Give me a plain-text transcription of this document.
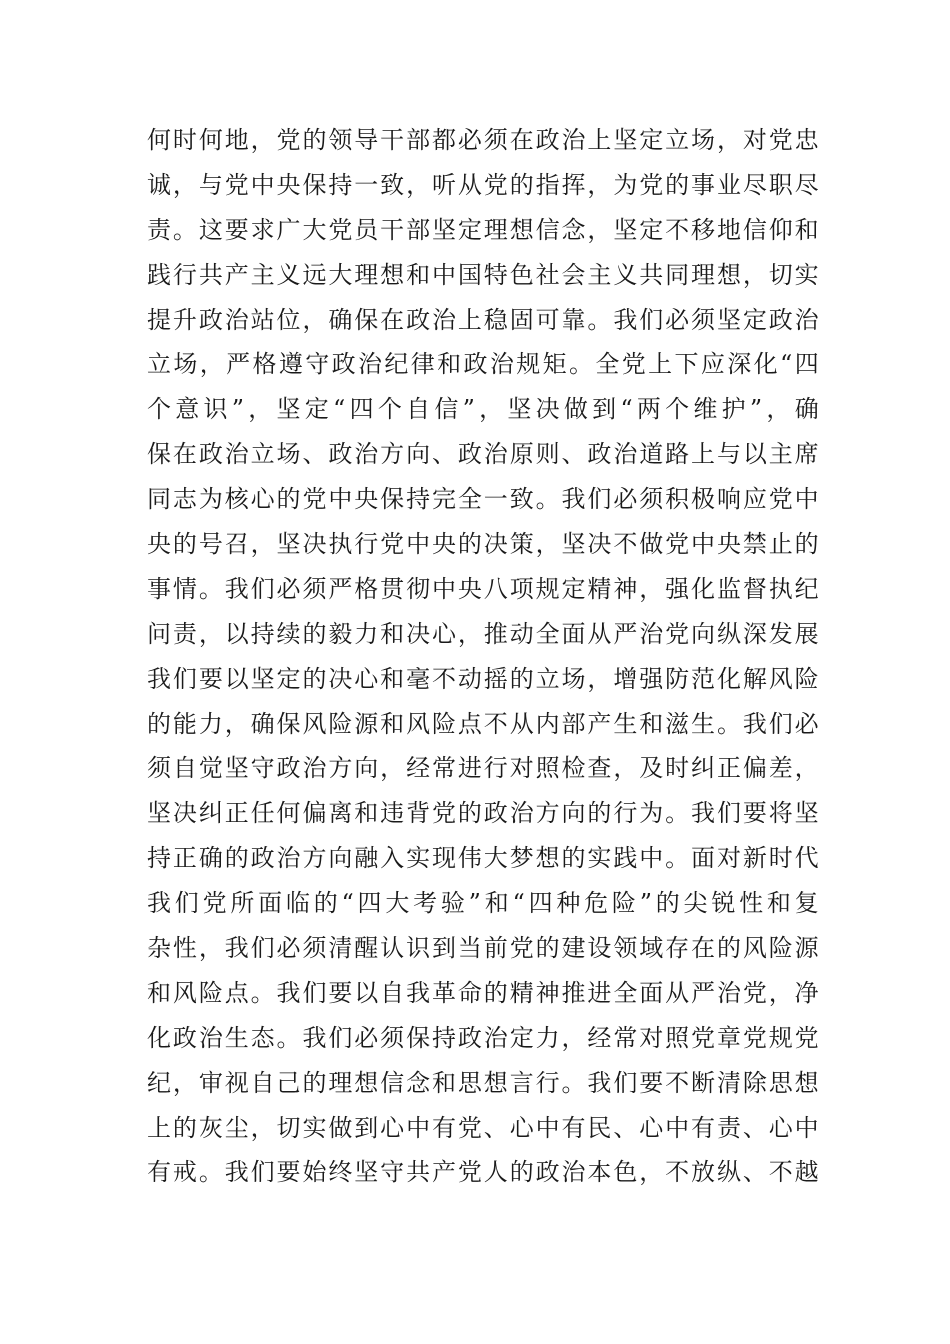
何时何地，党的领导干部都必须在政治上坚定立场，对党忠
诚，与党中央保持一致，听从党的指挥，为党的事业尽职尽
责。这要求广大党员干部坚定理想信念，坚定不移地信仰和
践行共产主义远大理想和中国特色社会主义共同理想，切实
提升政治站位，确保在政治上稳固可靠。我们必须坚定政治
立场，严格遵守政治纪律和政治规矩。全党上下应深化“四
个意识”，坚定“四个自信”，坚决做到“两个维护”，确
保在政治立场、政治方向、政治原则、政治道路上与以主席
同志为核心的党中央保持完全一致。我们必须积极响应党中
央的号召，坚决执行党中央的决策，坚决不做党中央禁止的
事情。我们必须严格贯彻中央八项规定精神，强化监督执纪
问责，以持续的毅力和决心，推动全面从严治党向纵深发展
我们要以坚定的决心和毫不动摇的立场，增强防范化解风险
的能力，确保风险源和风险点不从内部产生和滋生。我们必
须自觉坚守政治方向，经常进行对照检查，及时纠正偏差，
坚决纠正任何偏离和违背党的政治方向的行为。我们要将坚
持正确的政治方向融入实现伟大梦想的实践中。面对新时代
我们党所面临的“四大考验”和“四种危险”的尖锐性和复
杂性，我们必须清醒认识到当前党的建设领域存在的风险源
和风险点。我们要以自我革命的精神推进全面从严治党，净
化政治生态。我们必须保持政治定力，经常对照党章党规党
纪，审视自己的理想信念和思想言行。我们要不断清除思想
上的灰尘，切实做到心中有党、心中有民、心中有责、心中
有戒。我们要始终坚守共产党人的政治本色，不放纵、不越
